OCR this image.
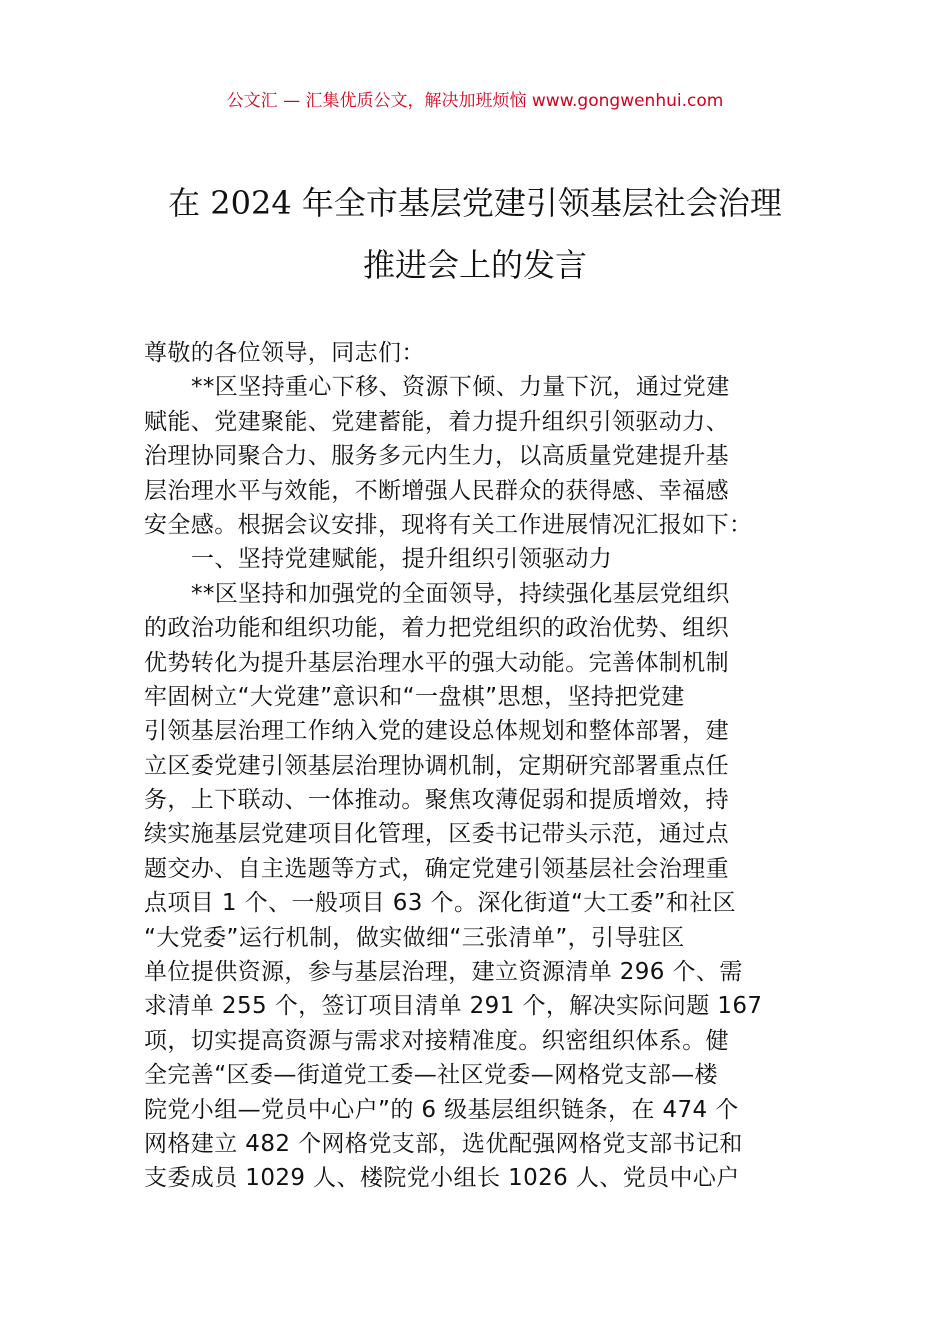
公文汇 — 汇集优质公文，解决加班烦恼 www.gongwenhui.com
在 2024 年全市基层党建引领基层社会治理
推进会上的发言
尊敬的各位领导，同志们：
**区坚持重心下移、资源下倾、力量下沉，通过党建
赋能、党建聚能、党建蓄能，着力提升组织引领驱动力、
治理协同聚合力、服务多元内生力，以高质量党建提升基
层治理水平与效能，不断增强人民群众的获得感、幸福感
安全感。根据会议安排，现将有关工作进展情况汇报如下：
一、坚持党建赋能，提升组织引领驱动力
**区坚持和加强党的全面领导，持续强化基层党组织
的政治功能和组织功能，着力把党组织的政治优势、组织
优势转化为提升基层治理水平的强大动能。完善体制机制
牢固树立“大党建”意识和“一盘棋”思想，坚持把党建
引领基层治理工作纳入党的建设总体规划和整体部署，建
立区委党建引领基层治理协调机制，定期研究部署重点任
务，上下联动、一体推动。聚焦攻薄促弱和提质增效，持
续实施基层党建项目化管理，区委书记带头示范，通过点
题交办、自主选题等方式，确定党建引领基层社会治理重
点项目 1 个、一般项目 63 个。深化街道“大工委”和社区
“大党委”运行机制，做实做细“三张清单”，引导驻区
单位提供资源，参与基层治理，建立资源清单 296 个、需
求清单 255 个，签订项目清单 291 个，解决实际问题 167
项，切实提高资源与需求对接精准度。织密组织体系。健
全完善“区委—街道党工委—社区党委—网格党支部—楼
院党小组—党员中心户”的 6 级基层组织链条，在 474 个
网格建立 482 个网格党支部，选优配强网格党支部书记和
支委成员 1029 人、楼院党小组长 1026 人、党员中心户
